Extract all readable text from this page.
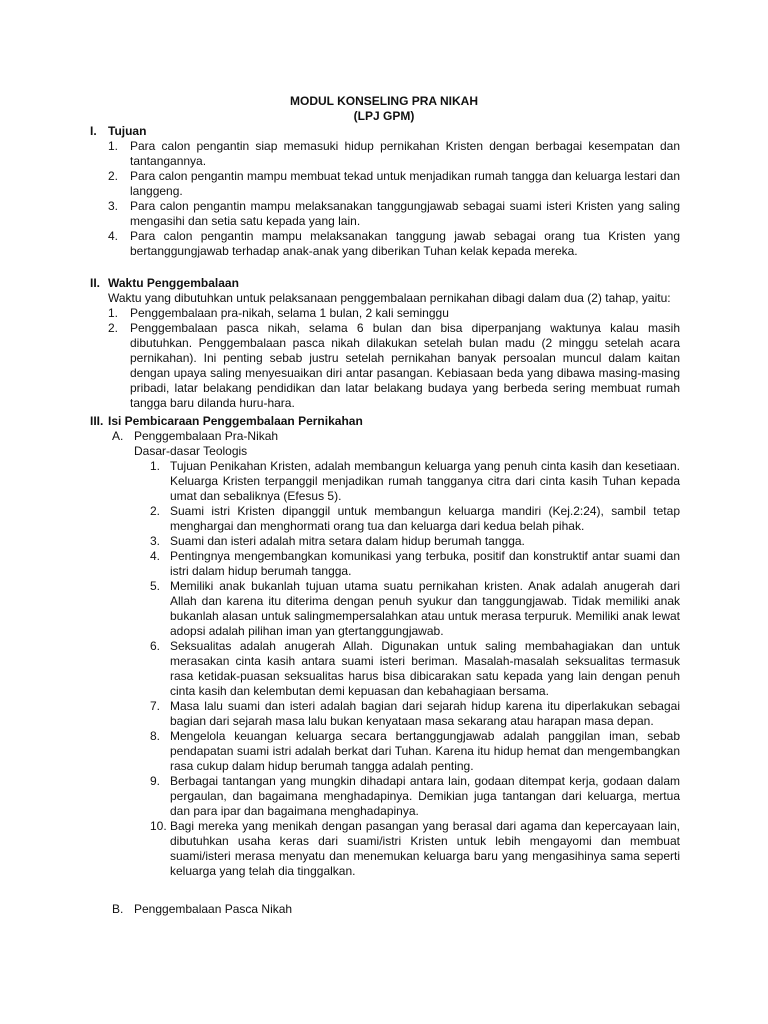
MODUL KONSELING PRA NIKAH
(LPJ GPM)
I. Tujuan
1. Para calon pengantin siap memasuki hidup pernikahan Kristen dengan berbagai kesempatan dan tantangannya.
2. Para calon pengantin mampu membuat tekad untuk menjadikan rumah tangga dan keluarga lestari dan langgeng.
3. Para calon pengantin mampu melaksanakan tanggungjawab sebagai suami isteri Kristen yang saling mengasihi dan setia satu kepada yang lain.
4. Para calon pengantin mampu melaksanakan tanggung jawab sebagai orang tua Kristen yang bertanggungjawab terhadap anak-anak yang diberikan Tuhan kelak kepada mereka.
II. Waktu Penggembalaan
Waktu yang dibutuhkan untuk pelaksanaan penggembalaan pernikahan dibagi dalam dua (2) tahap, yaitu:
1. Penggembalaan pra-nikah, selama 1 bulan, 2 kali seminggu
2. Penggembalaan pasca nikah, selama 6 bulan dan bisa diperpanjang waktunya kalau masih dibutuhkan. Penggembalaan pasca nikah dilakukan setelah bulan madu (2 minggu setelah acara pernikahan). Ini penting sebab justru setelah pernikahan banyak persoalan muncul dalam kaitan dengan upaya saling menyesuaikan diri antar pasangan. Kebiasaan beda yang dibawa masing-masing pribadi, latar belakang pendidikan dan latar belakang budaya yang berbeda sering membuat rumah tangga baru dilanda huru-hara.
III. Isi Pembicaraan Penggembalaan Pernikahan
A. Penggembalaan Pra-Nikah
Dasar-dasar Teologis
1. Tujuan Penikahan Kristen, adalah membangun keluarga yang penuh cinta kasih dan kesetiaan. Keluarga Kristen terpanggil menjadikan rumah tangganya citra dari cinta kasih Tuhan kepada umat dan sebaliknya (Efesus 5).
2. Suami istri Kristen dipanggil untuk membangun keluarga mandiri (Kej.2:24), sambil tetap menghargai dan menghormati orang tua dan keluarga dari kedua belah pihak.
3. Suami dan isteri adalah mitra setara dalam hidup berumah tangga.
4. Pentingnya mengembangkan komunikasi yang terbuka, positif dan konstruktif antar suami dan istri dalam hidup berumah tangga.
5. Memiliki anak bukanlah tujuan utama suatu pernikahan kristen. Anak adalah anugerah dari Allah dan karena itu diterima dengan penuh syukur dan tanggungjawab. Tidak memiliki anak bukanlah alasan untuk salingmempersalahkan atau untuk merasa terpuruk. Memiliki anak lewat adopsi adalah pilihan iman yan gtertanggungjawab.
6. Seksualitas adalah anugerah Allah. Digunakan untuk saling membahagiakan dan untuk merasakan cinta kasih antara suami isteri beriman. Masalah-masalah seksualitas termasuk rasa ketidak-puasan seksualitas harus bisa dibicarakan satu kepada yang lain dengan penuh cinta kasih dan kelembutan demi kepuasan dan kebahagiaan bersama.
7. Masa lalu suami dan isteri adalah bagian dari sejarah hidup karena itu diperlakukan sebagai bagian dari sejarah masa lalu bukan kenyataan masa sekarang atau harapan masa depan.
8. Mengelola keuangan keluarga secara bertanggungjawab adalah panggilan iman, sebab pendapatan suami istri adalah berkat dari Tuhan. Karena itu hidup hemat dan mengembangkan rasa cukup dalam hidup berumah tangga adalah penting.
9. Berbagai tantangan yang mungkin dihadapi antara lain, godaan ditempat kerja, godaan dalam pergaulan, dan bagaimana menghadapinya. Demikian juga tantangan dari keluarga, mertua dan para ipar dan bagaimana menghadapinya.
10. Bagi mereka yang menikah dengan pasangan yang berasal dari agama dan kepercayaan lain, dibutuhkan usaha keras dari suami/istri Kristen untuk lebih mengayomi dan membuat suami/isteri merasa menyatu dan menemukan keluarga baru yang mengasihinya sama seperti keluarga yang telah dia tinggalkan.
B. Penggembalaan Pasca Nikah
